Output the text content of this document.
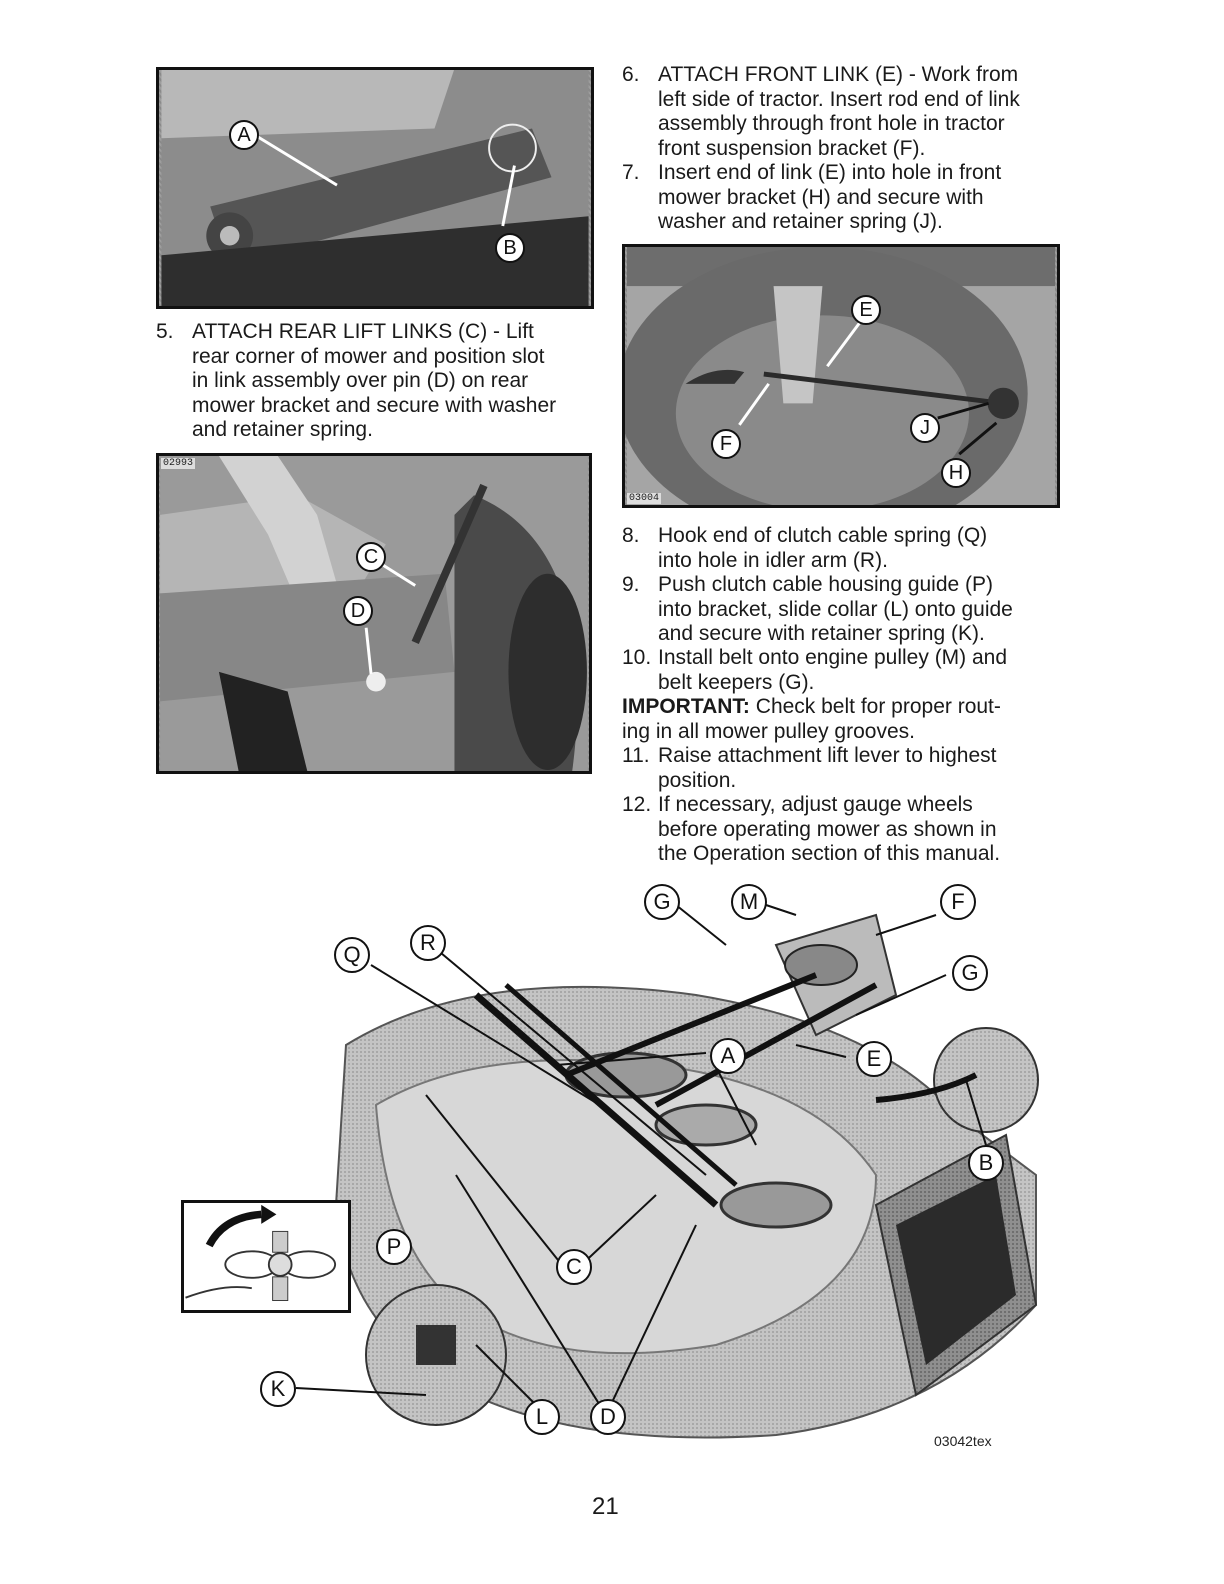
A
B
5. ATTACH REAR LIFT LINKS (C) - Lift
rear corner of mower and position slot
in link assembly over pin (D) on rear
mower bracket and secure with washer
and retainer spring.
02993
C
D
6. ATTACH FRONT LINK (E) - Work from
left side of tractor. Insert rod end of link
assembly through front hole in tractor
front suspension bracket (F).
7. Insert end of link (E) into hole in front
mower bracket (H) and secure with
washer and retainer spring (J).
03004
E
F
J
H
8. Hook end of clutch cable spring (Q)
into hole in idler arm (R).
9. Push clutch cable housing guide (P)
into bracket, slide collar (L) onto guide
and secure with retainer spring (K).
10. Install belt onto engine pulley (M) and
belt keepers (G).
IMPORTANT: Check belt for proper rout-
ing in all mower pulley grooves.
11. Raise attachment lift lever to highest
position.
12. If necessary, adjust gauge wheels
before operating mower as shown in
the Operation section of this manual.
G	M	F
Q	R
G
A	E
B
C
P
K
L	D
03042tex
21
